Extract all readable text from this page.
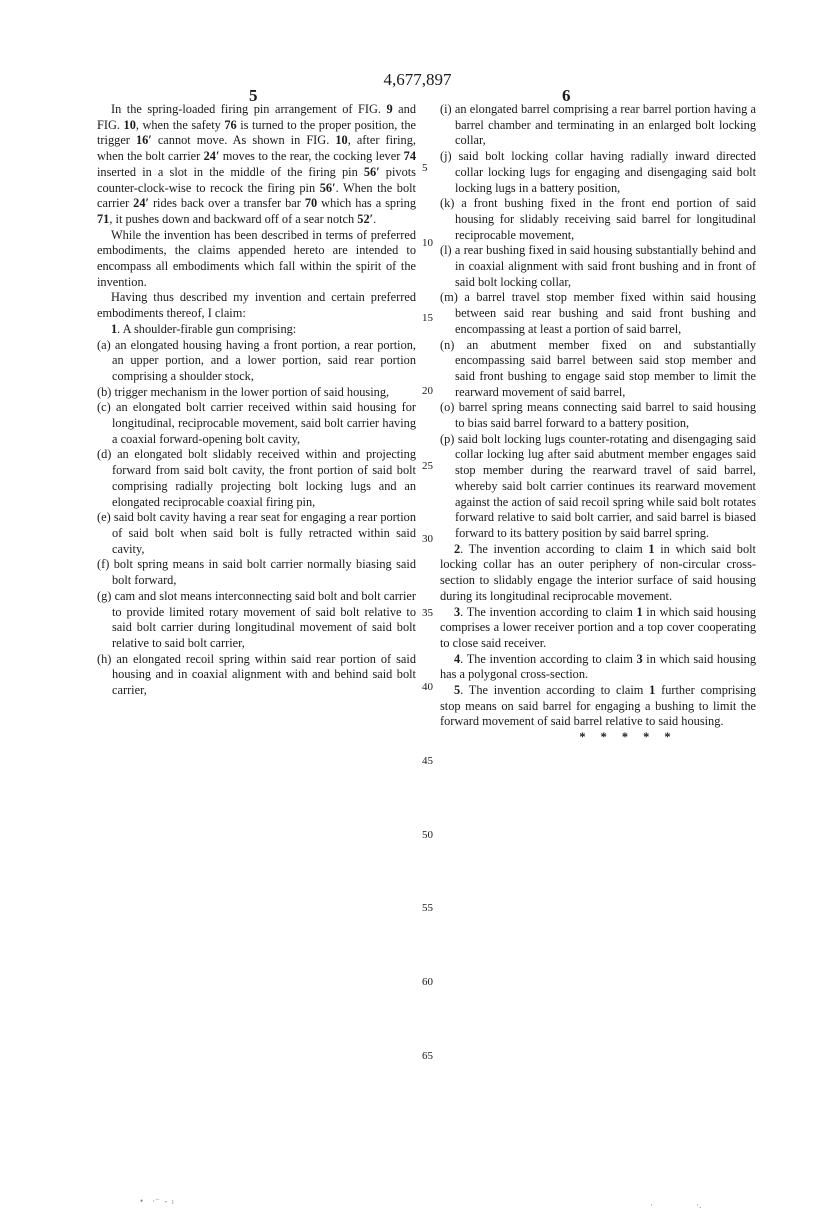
4,677,897
5	6

In the spring-loaded firing pin arrangement of FIG. 9 and FIG. 10, when the safety 76 is turned to the proper position, the trigger 16′ cannot move. As shown in FIG. 10, after firing, when the bolt carrier 24′ moves to the rear, the cocking lever 74 inserted in a slot in the middle of the firing pin 56′ pivots counter-clock-wise to recock the firing pin 56′. When the bolt carrier 24′ rides back over a transfer bar 70 which has a spring 71, it pushes down and backward off of a sear notch 52′.

While the invention has been described in terms of preferred embodiments, the claims appended hereto are intended to encompass all embodiments which fall within the spirit of the invention.

Having thus described my invention and certain preferred embodiments thereof, I claim:

1. A shoulder-firable gun comprising:

(a) an elongated housing having a front portion, a rear portion, an upper portion, and a lower portion, said rear portion comprising a shoulder stock,

(b) trigger mechanism in the lower portion of said housing,

(c) an elongated bolt carrier received within said housing for longitudinal, reciprocable movement, said bolt carrier having a coaxial forward-opening bolt cavity,

(d) an elongated bolt slidably received within and projecting forward from said bolt cavity, the front portion of said bolt comprising radially projecting bolt locking lugs and an elongated reciprocable coaxial firing pin,

(e) said bolt cavity having a rear seat for engaging a rear portion of said bolt when said bolt is fully retracted within said cavity,

(f) bolt spring means in said bolt carrier normally biasing said bolt forward,

(g) cam and slot means interconnecting said bolt and bolt carrier to provide limited rotary movement of said bolt relative to said bolt carrier during longitudinal movement of said bolt relative to said bolt carrier,

(h) an elongated recoil spring within said rear portion of said housing and in coaxial alignment with and behind said bolt carrier,

(i) an elongated barrel comprising a rear barrel portion having a barrel chamber and terminating in an enlarged bolt locking collar,

(j) said bolt locking collar having radially inward directed collar locking lugs for engaging and disengaging said bolt locking lugs in a battery position,

(k) a front bushing fixed in the front end portion of said housing for slidably receiving said barrel for longitudinal reciprocable movement,

(l) a rear bushing fixed in said housing substantially behind and in coaxial alignment with said front bushing and in front of said bolt locking collar,

(m) a barrel travel stop member fixed within said housing between said rear bushing and said front bushing and encompassing at least a portion of said barrel,

(n) an abutment member fixed on and substantially encompassing said barrel between said stop member and said front bushing to engage said stop member to limit the rearward movement of said barrel,

(o) barrel spring means connecting said barrel to said housing to bias said barrel forward to a battery position,

(p) said bolt locking lugs counter-rotating and disengaging said collar locking lug after said abutment member engages said stop member during the rearward travel of said barrel, whereby said bolt carrier continues its rearward movement against the action of said recoil spring while said bolt rotates forward relative to said bolt carrier, and said barrel is biased forward to its battery position by said barrel spring.

2. The invention according to claim 1 in which said bolt locking collar has an outer periphery of non-circular cross-section to slidably engage the interior surface of said housing during its longitudinal reciprocable movement.

3. The invention according to claim 1 in which said housing comprises a lower receiver portion and a top cover cooperating to close said receiver.

4. The invention according to claim 3 in which said housing has a polygonal cross-section.

5. The invention according to claim 1 further comprising stop means on said barrel for engaging a bushing to limit the forward movement of said barrel relative to said housing.

* * * * *

5
10
15
20
25
30
35
40
45
50
55
60
65
•    ·⁻  -  ₗ	·	·.
